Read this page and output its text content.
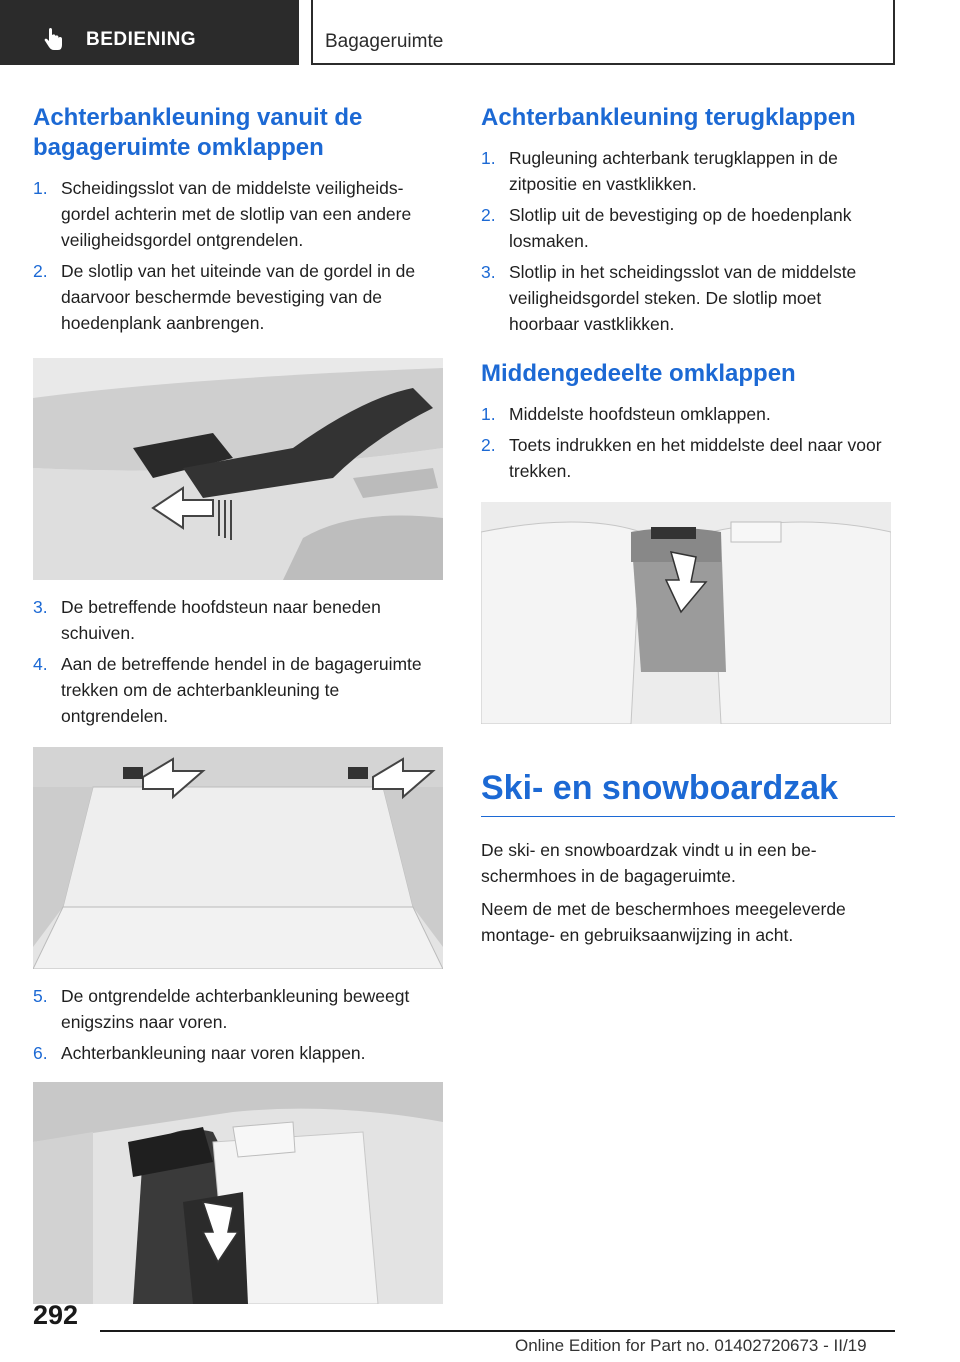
BEDIENING	Bagageruimte
Achterbankleuning vanuit de bagageruimte omklappen
1. Scheidingsslot van de middelste veiligheidsgordel achterin met de slotlip van een andere veiligheidsgordel ontgrendelen.
2. De slotlip van het uiteinde van de gordel in de daarvoor beschermde bevestiging van de hoedenplank aanbrengen.
3. De betreffende hoofdsteun naar beneden schuiven.
4. Aan de betreffende hendel in de bagageruimte trekken om de achterbankleuning te ontgrendelen.
5. De ontgrendelde achterbankleuning beweegt enigszins naar voren.
6. Achterbankleuning naar voren klappen.
Achterbankleuning terugklappen
1. Rugleuning achterbank terugklappen in de zitpositie en vastklikken.
2. Slotlip uit de bevestiging op de hoedenplank losmaken.
3. Slotlip in het scheidingsslot van de middelste veiligheidsgordel steken. De slotlip moet hoorbaar vastklikken.
Middengedeelte omklappen
1. Middelste hoofdsteun omklappen.
2. Toets indrukken en het middelste deel naar voor trekken.
Ski- en snowboardzak

De ski- en snowboardzak vindt u in een beschermhoes in de bagageruimte.

Neem de met de beschermhoes meegeleverde montage- en gebruiksaanwijzing in acht.

292
Online Edition for Part no. 01402720673 - II/19
